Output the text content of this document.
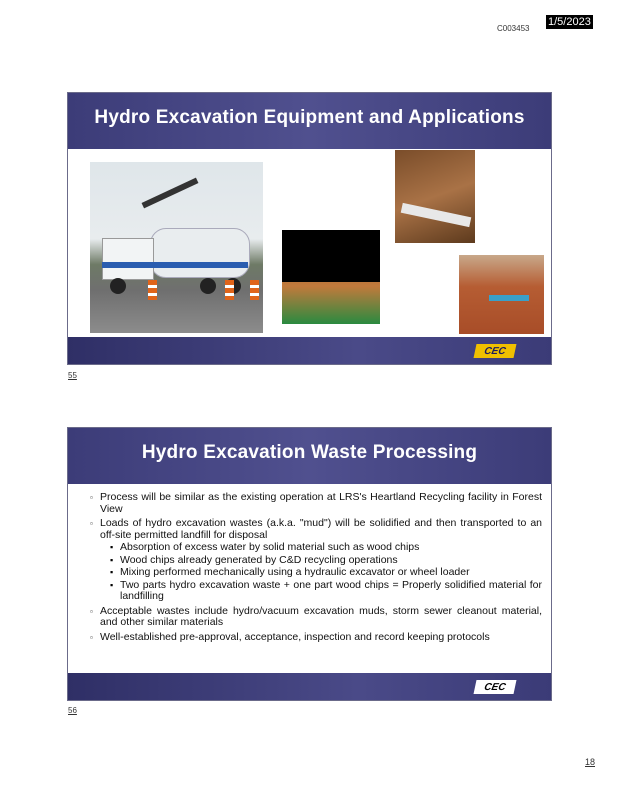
C003453
1/5/2023
Hydro Excavation Equipment and Applications
CEC
55
Hydro Excavation Waste Processing
▫ Process will be similar as the existing operation at LRS's Heartland Recycling facility in Forest View
▫ Loads of hydro excavation wastes (a.k.a. "mud") will be solidified and then transported to an off-site permitted landfill for disposal
▪ Absorption of excess water by solid material such as wood chips
▪ Wood chips already generated by C&D recycling operations
▪ Mixing performed mechanically using a hydraulic excavator or wheel loader
▪ Two parts hydro excavation waste + one part wood chips = Properly solidified material for landfilling
▫ Acceptable wastes include hydro/vacuum excavation muds, storm sewer cleanout material, and other similar materials
▫ Well-established pre-approval, acceptance, inspection and record keeping protocols
CEC
56
18
